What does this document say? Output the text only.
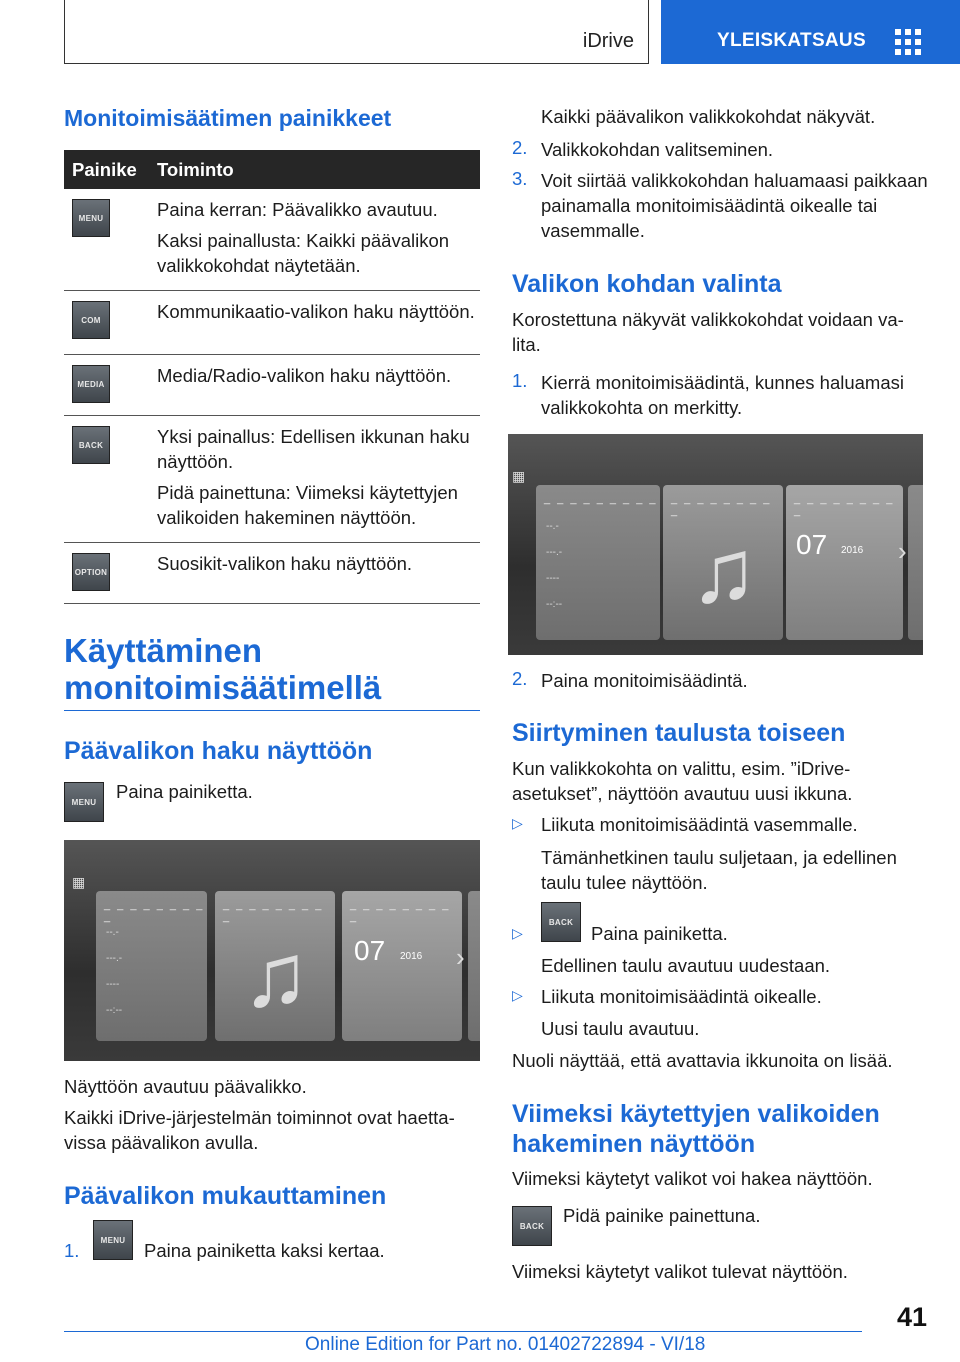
iDrive	YLEISKATSAUS
Monitoimisäätimen painikkeet
Painike	Toiminto
MENU	Paina kerran: Päävalikko avautuu.

Kaksi painallusta: Kaikki päävalikon valikkokohdat näytetään.

COM	Kommunikaatio-valikon haku näyttöön.

MEDIA	Media/Radio-valikon haku näyttöön.

BACK	Yksi painallus: Edellisen ikkunan haku näyttöön.

Pidä painettuna: Viimeksi käytettyjen valikoiden hakeminen näyttöön.

OPTION	Suosikit-valikon haku näyttöön.

Käyttäminen
monitoimisäätimellä
Päävalikon haku näyttöön
MENU
Paina painiketta.
▦
_ _ _ _ _ _ _ _ _
--.-
---.-
----
--:--
_ _ _ _ _ _ _ _ _
♫
_ _ _ _ _ _ _ _ _
07 2016 ›
Näyttöön avautuu päävalikko.
Kaikki iDrive-järjestelmän toiminnot ovat haettavissa päävalikon avulla.
Päävalikon mukauttaminen
1.	MENU	Paina painiketta kaksi kertaa.
Kaikki päävalikon valikkokohdat näkyvät.
2. Valikkokohdan valitseminen.
3. Voit siirtää valikkokohdan haluamaasi paikkaan painamalla monitoimisäädintä oikealle tai vasemmalle.
Valikon kohdan valinta
Korostettuna näkyvät valikkokohdat voidaan valita.
1. Kierrä monitoimisäädintä, kunnes haluamasi valikkokohta on merkitty.
▦
_ _ _ _ _ _ _ _ _
--.-
---.-
----
--:--
_ _ _ _ _ _ _ _ _
♫
_ _ _ _ _ _ _ _ _
07 2016 ›
2. Paina monitoimisäädintä.
Siirtyminen taulusta toiseen
Kun valikkokohta on valittu, esim. ”iDrive-asetukset”, näyttöön avautuu uusi ikkuna.
▷ Liikuta monitoimisäädintä vasemmalle.
Tämänhetkinen taulu suljetaan, ja edellinen taulu tulee näyttöön.
▷
BACK
Paina painiketta.
Edellinen taulu avautuu uudestaan.
▷ Liikuta monitoimisäädintä oikealle.
Uusi taulu avautuu.
Nuoli näyttää, että avattavia ikkunoita on lisää.
Viimeksi käytettyjen valikoiden
hakeminen näyttöön
Viimeksi käytetyt valikot voi hakea näyttöön.
BACK
Pidä painike painettuna.
Viimeksi käytetyt valikot tulevat näyttöön.
41
Online Edition for Part no. 01402722894 - VI/18
